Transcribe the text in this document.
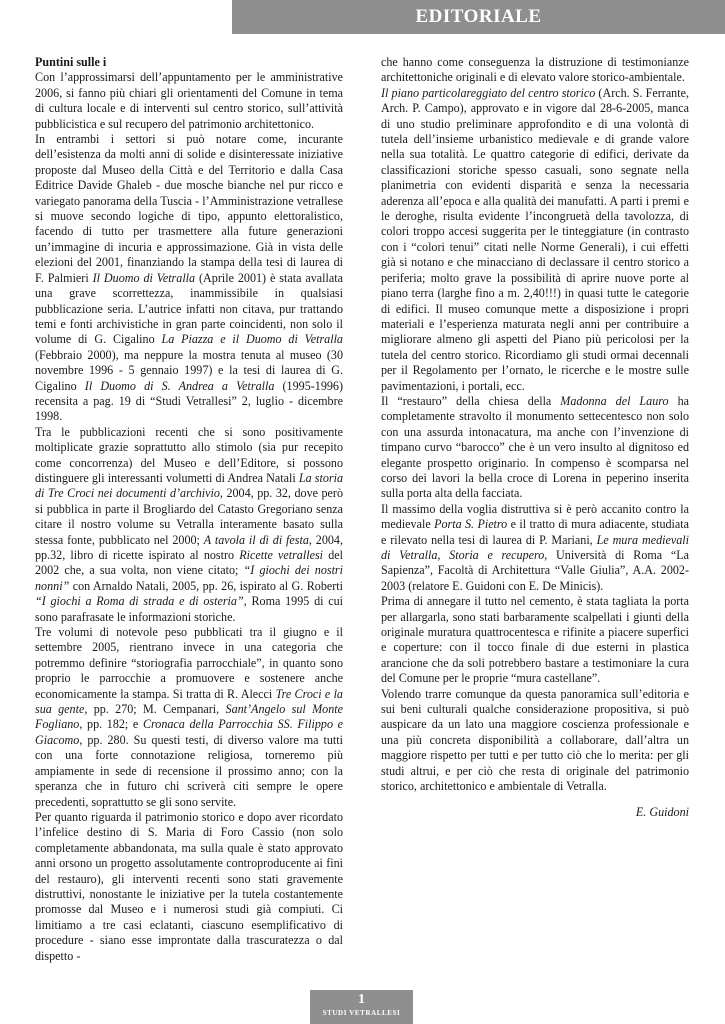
EDITORIALE

Puntini sulle i

Con l’approssimarsi dell’appuntamento per le amministrative 2006, si fanno più chiari gli orientamenti del Comune in tema di cultura locale e di interventi sul centro storico, sull’attività pubblicistica e sul recupero del patrimonio architettonico.

In entrambi i settori si può notare come, incurante dell’esistenza da molti anni di solide e disinteressate iniziative proposte dal Museo della Città e del Territorio e dalla Casa Editrice Davide Ghaleb - due mosche bianche nel pur ricco e variegato panorama della Tuscia - l’Amministrazione vetrallese si muove secondo logiche di tipo, appunto elettoralistico, facendo di tutto per trasmettere alla future generazioni un’immagine di incuria e approssimazione. Già in vista delle elezioni del 2001, finanziando la stampa della tesi di laurea di F. Palmieri Il Duomo di Vetralla (Aprile 2001) è stata avallata una grave scorrettezza, inammissibile in qualsiasi pubblicazione seria. L’autrice infatti non citava, pur trattando temi e fonti archivistiche in gran parte coincidenti, non solo il volume di G. Cigalino La Piazza e il Duomo di Vetralla (Febbraio 2000), ma neppure la mostra tenuta al museo (30 novembre 1996 - 5 gennaio 1997) e la tesi di laurea di G. Cigalino Il Duomo di S. Andrea a Vetralla (1995-1996) recensita a pag. 19 di “Studi Vetrallesi” 2, luglio - dicembre 1998.

Tra le pubblicazioni recenti che si sono positivamente moltiplicate grazie soprattutto allo stimolo (sia pur recepito come concorrenza) del Museo e dell’Editore, si possono distinguere gli interessanti volumetti di Andrea Natali La storia di Tre Croci nei documenti d’archivio, 2004, pp. 32, dove però si pubblica in parte il Brogliardo del Catasto Gregoriano senza citare il nostro volume su Vetralla interamente basato sulla stessa fonte, pubblicato nel 2000; A tavola il dì di festa, 2004, pp.32, libro di ricette ispirato al nostro Ricette vetrallesi del 2002 che, a sua volta, non viene citato; “I giochi dei nostri nonni” con Arnaldo Natali, 2005, pp. 26, ispirato al G. Roberti “I giochi a Roma di strada e di osteria”, Roma 1995 di cui sono parafrasate le informazioni storiche.

Tre volumi di notevole peso pubblicati tra il giugno e il settembre 2005, rientrano invece in una categoria che potremmo definire “storiografia parrocchiale”, in quanto sono proprio le parrocchie a promuovere e sostenere anche economicamente la stampa. Si tratta di R. Alecci Tre Croci e la sua gente, pp. 270; M. Cempanari, Sant’Angelo sul Monte Fogliano, pp. 182; e Cronaca della Parrocchia SS. Filippo e Giacomo, pp. 280. Su questi testi, di diverso valore ma tutti con una forte connotazione religiosa, torneremo più ampiamente in sede di recensione il prossimo anno; con la speranza che in futuro chi scriverà citi sempre le opere precedenti, soprattutto se gli sono servite.

Per quanto riguarda il patrimonio storico e dopo aver ricordato l’infelice destino di S. Maria di Foro Cassio (non solo completamente abbandonata, ma sulla quale è stato approvato anni orsono un progetto assolutamente controproducente ai fini del restauro), gli interventi recenti sono stati gravemente distruttivi, nonostante le iniziative per la tutela costantemente promosse dal Museo e i numerosi studi già compiuti. Ci limitiamo a tre casi eclatanti, ciascuno esemplificativo di procedure - siano esse improntate dalla trascuratezza o dal dispetto -

che hanno come conseguenza la distruzione di testimonianze architettoniche originali e di elevato valore storico-ambientale.

Il piano particolareggiato del centro storico (Arch. S. Ferrante, Arch. P. Campo), approvato e in vigore dal 28-6-2005, manca di uno studio preliminare approfondito e di una volontà di tutela dell’insieme urbanistico medievale e di grande valore nella sua totalità. Le quattro categorie di edifici, derivate da classificazioni storiche spesso casuali, sono segnate nella planimetria con evidenti disparità e senza la necessaria aderenza all’epoca e alla qualità dei manufatti. A parti i premi e le deroghe, risulta evidente l’incongruetà della tavolozza, di colori troppo accesi suggerita per le tinteggiature (in contrasto con i “colori tenui” citati nelle Norme Generali), i cui effetti già si notano e che minacciano di declassare il centro storico a periferia; molto grave la possibilità di aprire nuove porte al piano terra (larghe fino a m. 2,40!!!) in quasi tutte le categorie di edifici. Il museo comunque mette a disposizione i propri materiali e l’esperienza maturata negli anni per contribuire a migliorare almeno gli aspetti del Piano più pericolosi per la tutela del centro storico. Ricordiamo gli studi ormai decennali per il Regolamento per l’ornato, le ricerche e le mostre sulle pavimentazioni, i portali, ecc.

Il “restauro” della chiesa della Madonna del Lauro ha completamente stravolto il monumento settecentesco non solo con una assurda intonacatura, ma anche con l’invenzione di timpano curvo “barocco” che è un vero insulto al dignitoso ed elegante prospetto originario. In compenso è scomparsa nel corso dei lavori la bella croce di Lorena in peperino inserita sulla porta alta della facciata.

Il massimo della voglia distruttiva si è però accanito contro la medievale Porta S. Pietro e il tratto di mura adiacente, studiata e rilevato nella tesi di laurea di P. Mariani, Le mura medievali di Vetralla, Storia e recupero, Università di Roma “La Sapienza”, Facoltà di Architettura “Valle Giulia”, A.A. 2002-2003 (relatore E. Guidoni con E. De Minicis).

Prima di annegare il tutto nel cemento, è stata tagliata la porta per allargarla, sono stati barbaramente scalpellati i giunti della originale muratura quattrocentesca e rifinite a piacere superfici e coperture: con il tocco finale di due esterni in plastica arancione che da soli potrebbero bastare a testimoniare la cura del Comune per le proprie “mura castellane”.

Volendo trarre comunque da questa panoramica sull’editoria e sui beni culturali qualche considerazione propositiva, si può auspicare da un lato una maggiore coscienza professionale e una più concreta disponibilità a collaborare, dall’altra un maggiore rispetto per tutti e per tutto ciò che lo merita: per gli studi altrui, e per ciò che resta di originale del patrimonio storico, architettonico e ambientale di Vetralla.

E. Guidoni

1
STUDI VETRALLESI
